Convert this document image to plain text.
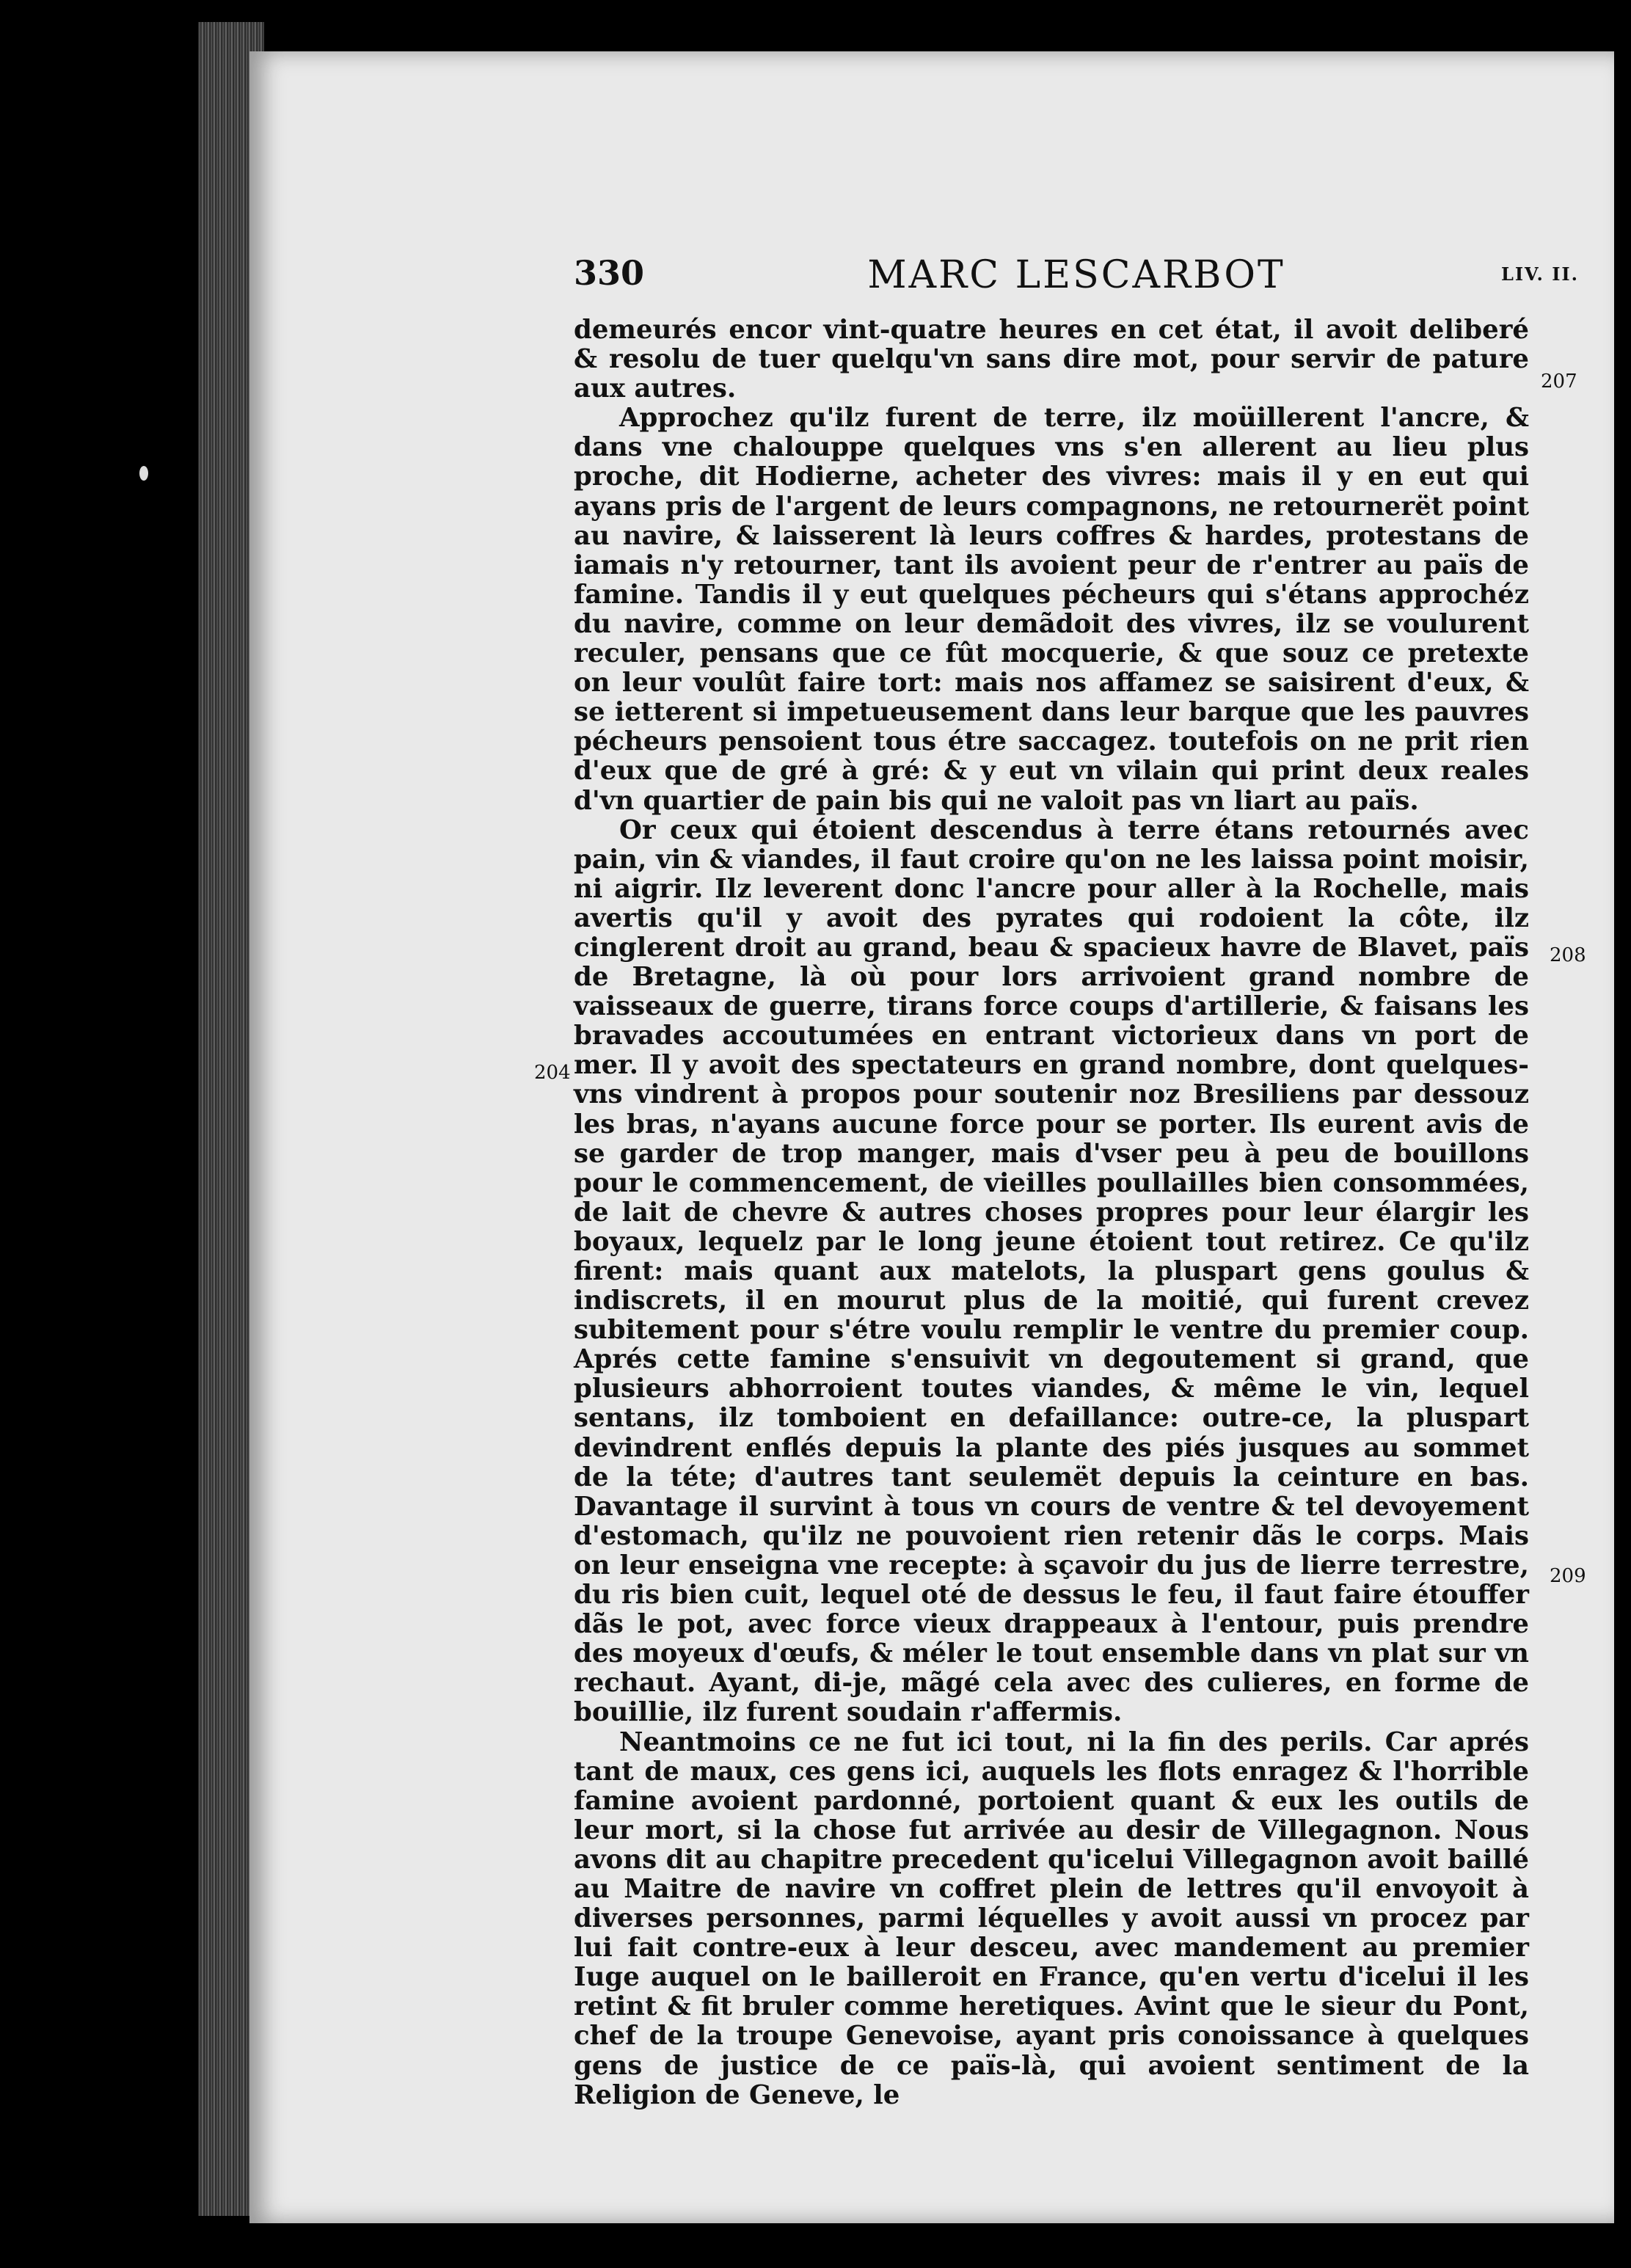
330	MARC LESCARBOT	LIV. II.

demeurés encor vint-quatre heures en cet état, il avoit deliberé & resolu de tuer quelqu'vn sans dire mot, pour servir de pature aux autres.

Approchez qu'ilz furent de terre, ilz moüillerent l'ancre, & dans vne chalouppe quelques vns s'en allerent au lieu plus proche, dit Hodierne, acheter des vivres: mais il y en eut qui ayans pris de l'argent de leurs compagnons, ne retournerët point au navire, & laisserent là leurs coffres & hardes, protestans de iamais n'y retourner, tant ils avoient peur de r'entrer au païs de famine. Tandis il y eut quelques pécheurs qui s'étans approchéz du navire, comme on leur demãdoit des vivres, ilz se voulurent reculer, pensans que ce fût mocquerie, & que souz ce pretexte on leur voulût faire tort: mais nos affamez se saisirent d'eux, & se ietterent si impetueusement dans leur barque que les pauvres pécheurs pensoient tous étre saccagez. toutefois on ne prit rien d'eux que de gré à gré: & y eut vn vilain qui print deux reales d'vn quartier de pain bis qui ne valoit pas vn liart au païs.

Or ceux qui étoient descendus à terre étans retournés avec pain, vin & viandes, il faut croire qu'on ne les laissa point moisir, ni aigrir. Ilz leverent donc l'ancre pour aller à la Rochelle, mais avertis qu'il y avoit des pyrates qui rodoient la côte, ilz cinglerent droit au grand, beau & spacieux havre de Blavet, païs de Bretagne, là où pour lors arrivoient grand nombre de vaisseaux de guerre, tirans force coups d'artillerie, & faisans les bravades accoutumées en entrant victorieux dans vn port de mer. Il y avoit des spectateurs en grand nombre, dont quelques-vns vindrent à propos pour soutenir noz Bresiliens par dessouz les bras, n'ayans aucune force pour se porter. Ils eurent avis de se garder de trop manger, mais d'vser peu à peu de bouillons pour le commencement, de vieilles poullailles bien consommées, de lait de chevre & autres choses propres pour leur élargir les boyaux, lequelz par le long jeune étoient tout retirez. Ce qu'ilz firent: mais quant aux matelots, la pluspart gens goulus & indiscrets, il en mourut plus de la moitié, qui furent crevez subitement pour s'étre voulu remplir le ventre du premier coup. Aprés cette famine s'ensuivit vn degoutement si grand, que plusieurs abhorroient toutes viandes, & même le vin, lequel sentans, ilz tomboient en defaillance: outre-ce, la pluspart devindrent enflés depuis la plante des piés jusques au sommet de la téte; d'autres tant seulemët depuis la ceinture en bas. Davantage il survint à tous vn cours de ventre & tel devoyement d'estomach, qu'ilz ne pouvoient rien retenir dãs le corps. Mais on leur enseigna vne recepte: à sçavoir du jus de lierre terrestre, du ris bien cuit, lequel oté de dessus le feu, il faut faire étouffer dãs le pot, avec force vieux drappeaux à l'entour, puis prendre des moyeux d'œufs, & méler le tout ensemble dans vn plat sur vn rechaut. Ayant, di-je, mãgé cela avec des culieres, en forme de bouillie, ilz furent soudain r'affermis.

Neantmoins ce ne fut ici tout, ni la fin des perils. Car aprés tant de maux, ces gens ici, auquels les flots enragez & l'horrible famine avoient pardonné, portoient quant & eux les outils de leur mort, si la chose fut arrivée au desir de Villegagnon. Nous avons dit au chapitre precedent qu'icelui Villegagnon avoit baillé au Maitre de navire vn coffret plein de lettres qu'il envoyoit à diverses personnes, parmi léquelles y avoit aussi vn procez par lui fait contre-eux à leur desceu, avec mandement au premier Iuge auquel on le bailleroit en France, qu'en vertu d'icelui il les retint & fit bruler comme heretiques. Avint que le sieur du Pont, chef de la troupe Genevoise, ayant pris conoissance à quelques gens de justice de ce païs-là, qui avoient sentiment de la Religion de Geneve, le

207
208
204
209
